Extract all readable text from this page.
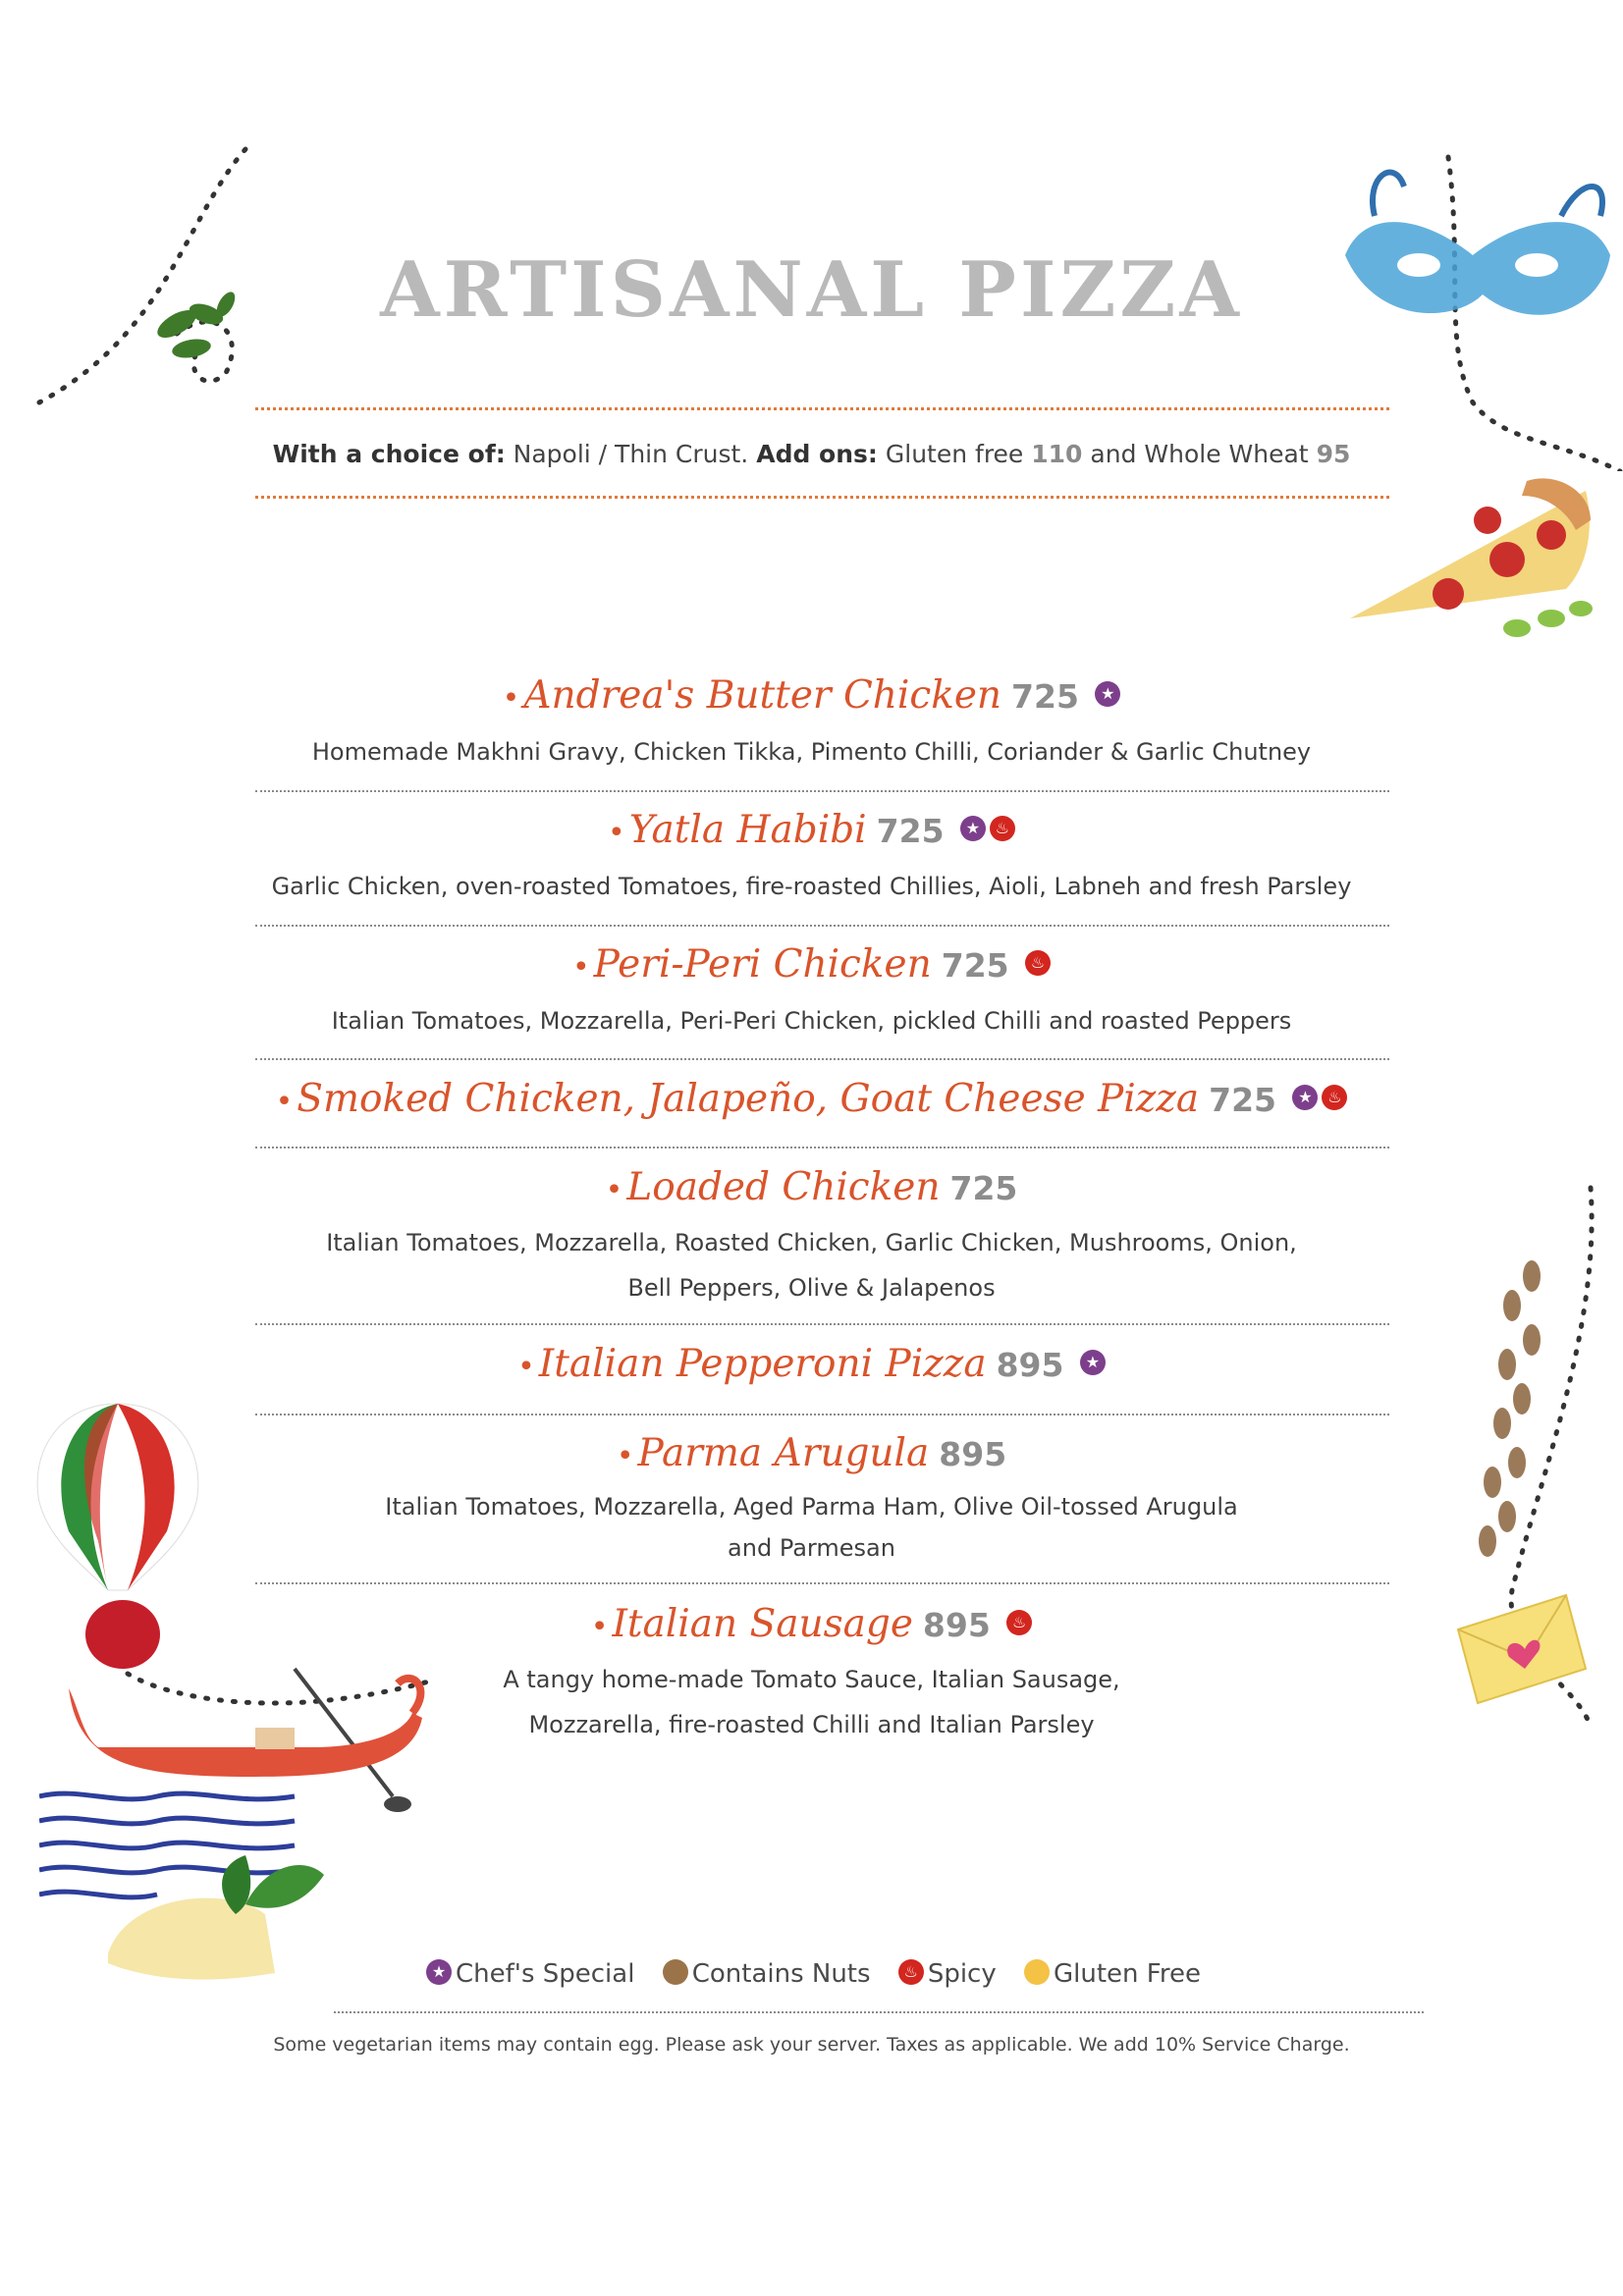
ARTISANAL PIZZA
With a choice of: Napoli / Thin Crust. Add ons: Gluten free 110 and Whole Wheat 95
• Andrea's Butter Chicken 725 ★
Homemade Makhni Gravy, Chicken Tikka, Pimento Chilli, Coriander & Garlic Chutney
• Yatla Habibi 725 ★ ♨
Garlic Chicken, oven-roasted Tomatoes, fire-roasted Chillies, Aioli, Labneh and fresh Parsley
• Peri-Peri Chicken 725 ♨
Italian Tomatoes, Mozzarella, Peri-Peri Chicken, pickled Chilli and roasted Peppers
• Smoked Chicken, Jalapeño, Goat Cheese Pizza 725 ★ ♨
• Loaded Chicken 725
Italian Tomatoes, Mozzarella, Roasted Chicken, Garlic Chicken, Mushrooms, Onion,
Bell Peppers, Olive & Jalapenos
• Italian Pepperoni Pizza 895 ★
• Parma Arugula 895
Italian Tomatoes, Mozzarella, Aged Parma Ham, Olive Oil-tossed Arugula
and Parmesan
• Italian Sausage 895 ♨
A tangy home-made Tomato Sauce, Italian Sausage,
Mozzarella, fire-roasted Chilli and Italian Parsley
★ Chef's Special Contains Nuts ♨ Spicy Gluten Free
Some vegetarian items may contain egg. Please ask your server. Taxes as applicable. We add 10% Service Charge.
